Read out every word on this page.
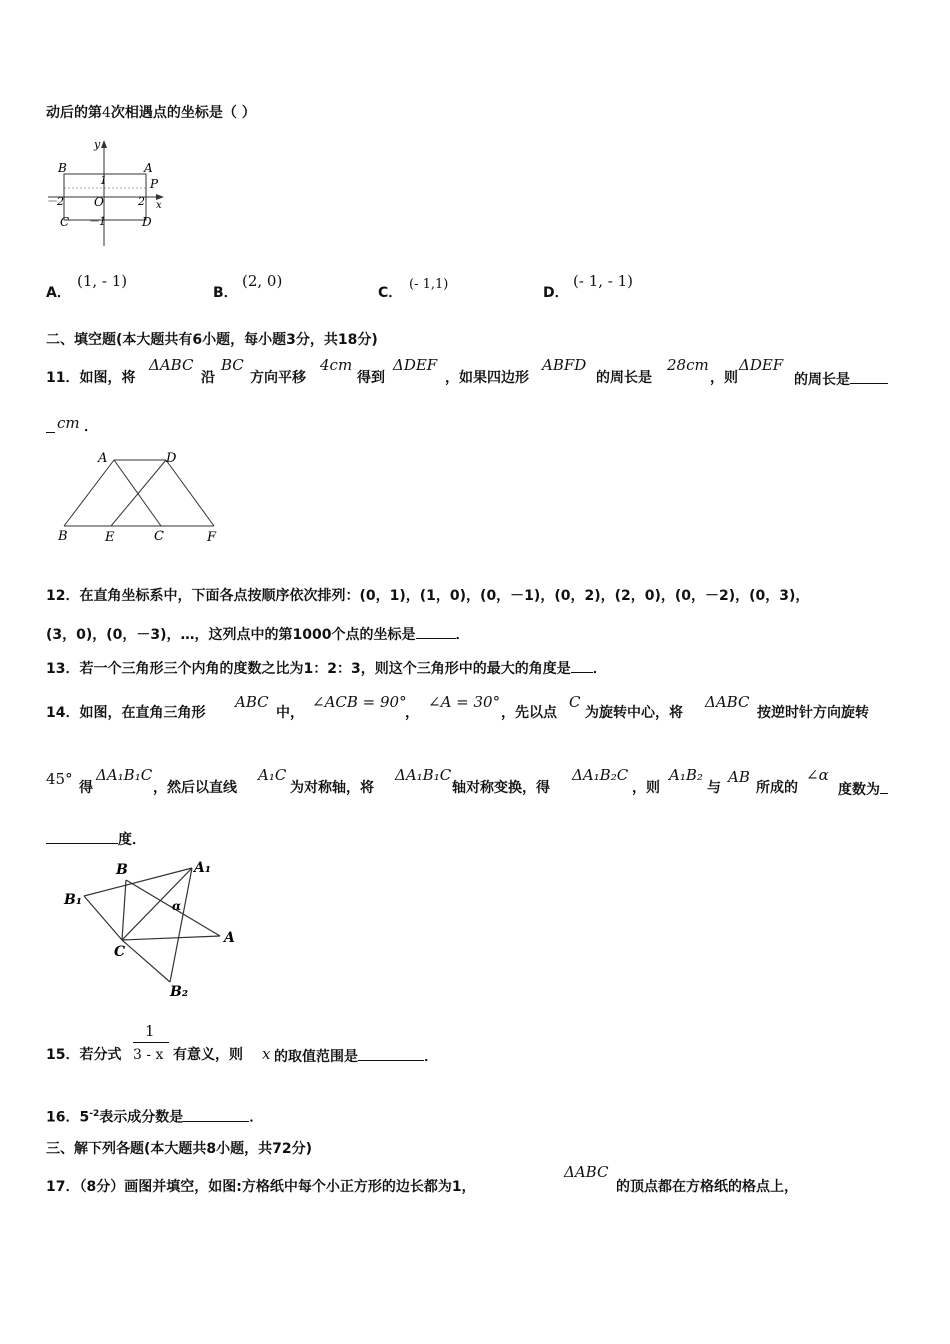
动后的第4次相遇点的坐标是（ ）
y
x
B	A
P
C	D
O
1
－1
－2	2
A．
(1, - 1)
B．
(2, 0)
C．
(- 1,1)
D．
(- 1, - 1)
二、填空题(本大题共有6小题，每小题3分，共18分)
11．如图，将
ΔABC
沿
BC
方向平移
4cm
得到
ΔDEF
，如果四边形
ABFD
的周长是
28cm
，则
ΔDEF
的周长是
cm ．
A	D
B	E	C	F
12．在直角坐标系中，下面各点按顺序依次排列：(0，1)，(1，0)，(0，－1)，(0，2)，(2，0)，(0，－2)，(0，3)，
(3，0)，(0，－3)，…，这列点中的第1000个点的坐标是	．
13．若一个三角形三个内角的度数之比为1：2：3，则这个三角形中的最大的角度是 ．
14．如图，在直角三角形
ABC
中，
∠ACB = 90°
，
∠A = 30°
，先以点
C
为旋转中心，将
ΔABC
按逆时针方向旋转
45° 得
ΔA₁B₁C
，然后以直线
A₁C
为对称轴，将
ΔA₁B₁C
轴对称变换，得
ΔA₁B₂C
，则
A₁B₂
与
AB
所成的
∠α
度数为
度．
B	A₁
B₁	α
C
A
B₂
15．若分式
1
3 - x 有意义，则 x 的取值范围是	．
16．$5^{-2}$表示成分数是	．
三、解下列各题(本大题共8小题，共72分)
17．（8分）画图并填空，如图:方格纸中每个小正方形的边长都为1，
ΔABC
的顶点都在方格纸的格点上，
